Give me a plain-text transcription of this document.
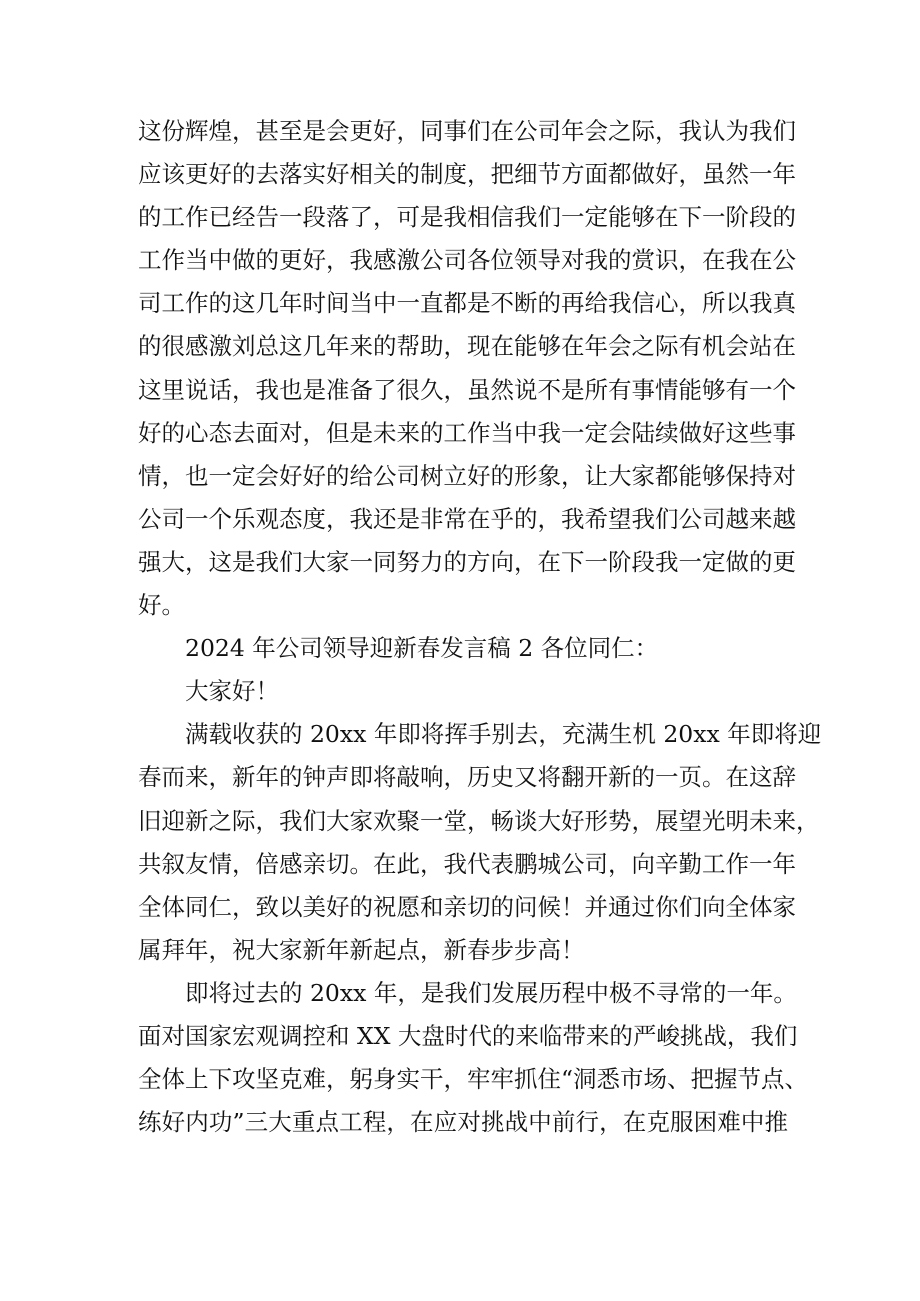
这份辉煌，甚至是会更好，同事们在公司年会之际，我认为我们
应该更好的去落实好相关的制度，把细节方面都做好，虽然一年
的工作已经告一段落了，可是我相信我们一定能够在下一阶段的
工作当中做的更好，我感激公司各位领导对我的赏识，在我在公
司工作的这几年时间当中一直都是不断的再给我信心，所以我真
的很感激刘总这几年来的帮助，现在能够在年会之际有机会站在
这里说话，我也是准备了很久，虽然说不是所有事情能够有一个
好的心态去面对，但是未来的工作当中我一定会陆续做好这些事
情，也一定会好好的给公司树立好的形象，让大家都能够保持对
公司一个乐观态度，我还是非常在乎的，我希望我们公司越来越
强大，这是我们大家一同努力的方向，在下一阶段我一定做的更
好。

2024 年公司领导迎新春发言稿 2 各位同仁：

大家好！

满载收获的 20xx 年即将挥手别去，充满生机 20xx 年即将迎
春而来，新年的钟声即将敲响，历史又将翻开新的一页。在这辞
旧迎新之际，我们大家欢聚一堂，畅谈大好形势，展望光明未来，
共叙友情，倍感亲切。在此，我代表鹏城公司，向辛勤工作一年
全体同仁，致以美好的祝愿和亲切的问候！并通过你们向全体家
属拜年，祝大家新年新起点，新春步步高！

即将过去的 20xx 年，是我们发展历程中极不寻常的一年。
面对国家宏观调控和 XX 大盘时代的来临带来的严峻挑战，我们
全体上下攻坚克难，躬身实干，牢牢抓住“洞悉市场、把握节点、
练好内功”三大重点工程，在应对挑战中前行，在克服困难中推
